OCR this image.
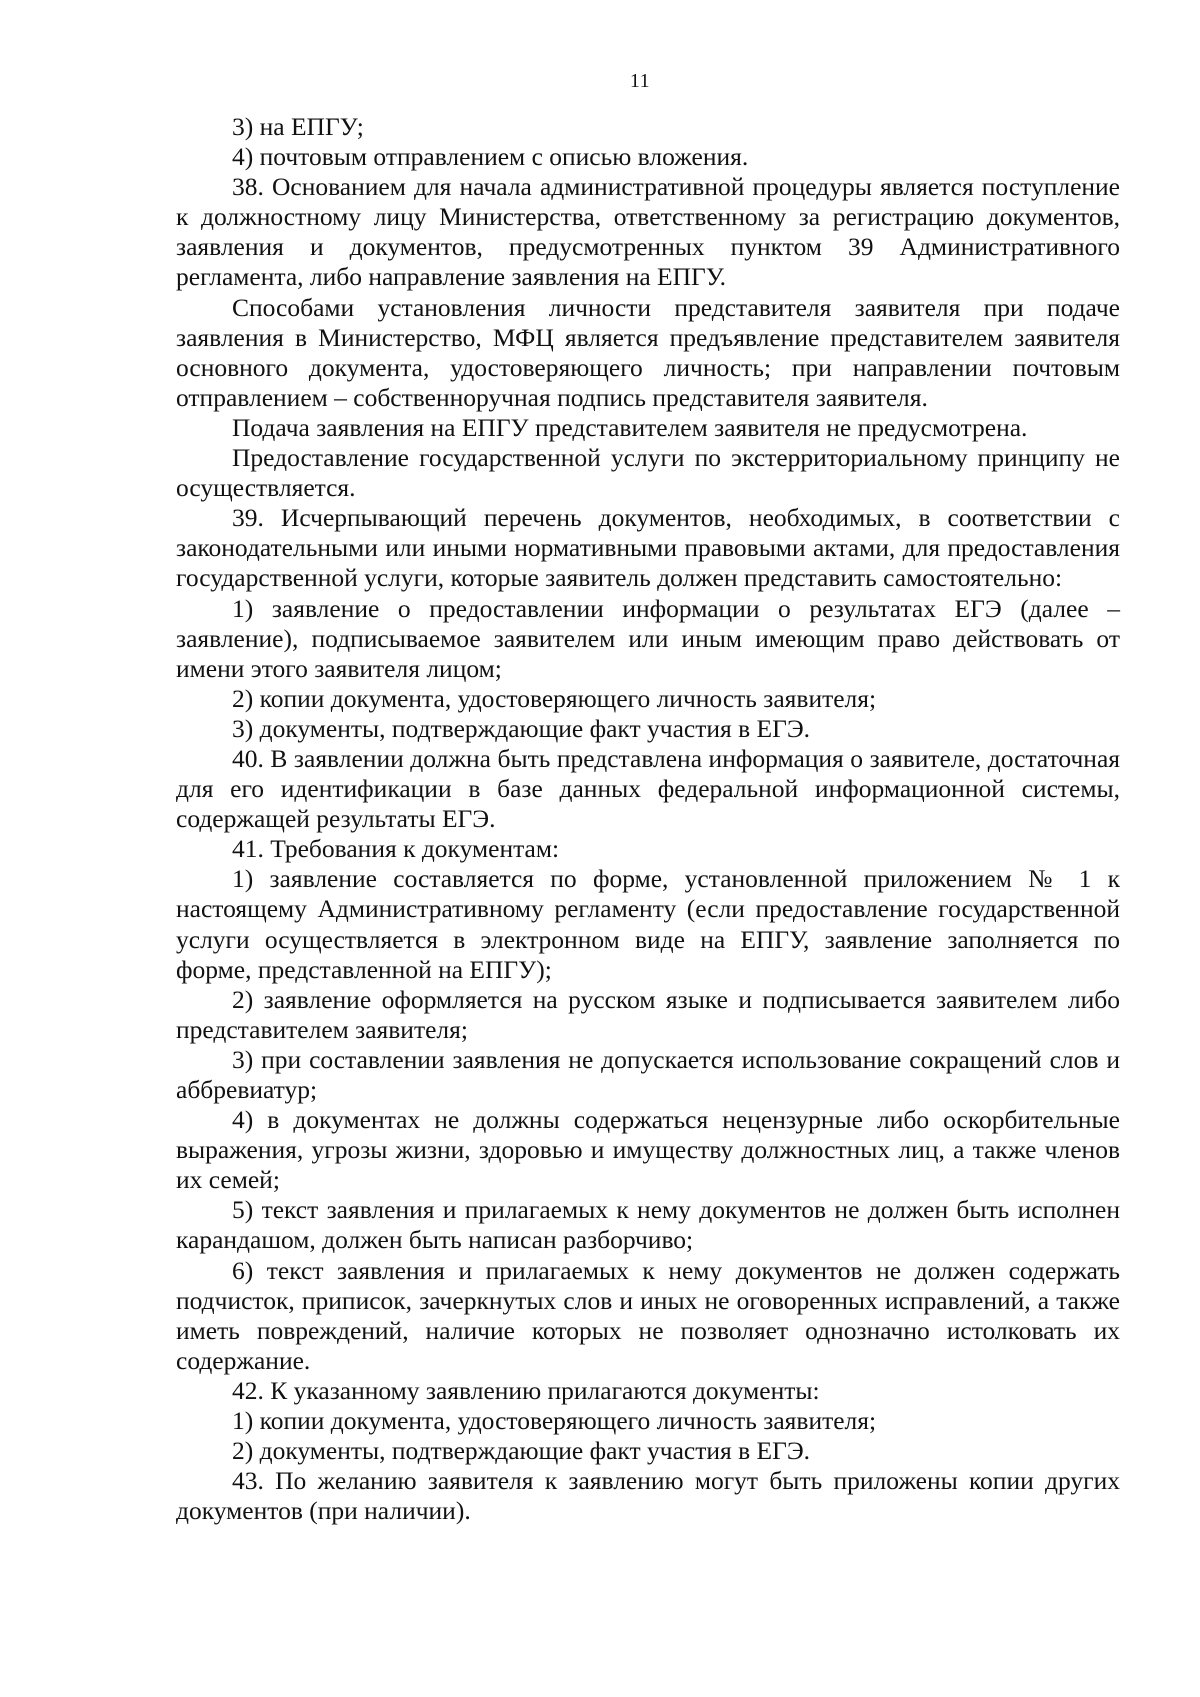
11

3) на ЕПГУ;

4) почтовым отправлением с описью вложения.

38. Основанием для начала административной процедуры является поступление к должностному лицу Министерства, ответственному за регистрацию документов, заявления и документов, предусмотренных пунктом 39 Административного регламента, либо направление заявления на ЕПГУ.

Способами установления личности представителя заявителя при подаче заявления в Министерство, МФЦ является предъявление представителем заявителя основного документа, удостоверяющего личность; при направлении почтовым отправлением – собственноручная подпись представителя заявителя.

Подача заявления на ЕПГУ представителем заявителя не предусмотрена.

Предоставление государственной услуги по экстерриториальному принципу не осуществляется.

39. Исчерпывающий перечень документов, необходимых, в соответствии с законодательными или иными нормативными правовыми актами, для предоставления государственной услуги, которые заявитель должен представить самостоятельно:

1) заявление о предоставлении информации о результатах ЕГЭ (далее – заявление), подписываемое заявителем или иным имеющим право действовать от имени этого заявителя лицом;

2) копии документа, удостоверяющего личность заявителя;

3) документы, подтверждающие факт участия в ЕГЭ.

40. В заявлении должна быть представлена информация о заявителе, достаточная для его идентификации в базе данных федеральной информационной системы, содержащей результаты ЕГЭ.

41. Требования к документам:

1) заявление составляется по форме, установленной приложением № 1 к настоящему Административному регламенту (если предоставление государственной услуги осуществляется в электронном виде на ЕПГУ, заявление заполняется по форме, представленной на ЕПГУ);

2) заявление оформляется на русском языке и подписывается заявителем либо представителем заявителя;

3) при составлении заявления не допускается использование сокращений слов и аббревиатур;

4) в документах не должны содержаться нецензурные либо оскорбительные выражения, угрозы жизни, здоровью и имуществу должностных лиц, а также членов их семей;

5) текст заявления и прилагаемых к нему документов не должен быть исполнен карандашом, должен быть написан разборчиво;

6) текст заявления и прилагаемых к нему документов не должен содержать подчисток, приписок, зачеркнутых слов и иных не оговоренных исправлений, а также иметь повреждений, наличие которых не позволяет однозначно истолковать их содержание.

42. К указанному заявлению прилагаются документы:

1) копии документа, удостоверяющего личность заявителя;

2) документы, подтверждающие факт участия в ЕГЭ.

43. По желанию заявителя к заявлению могут быть приложены копии других документов (при наличии).
